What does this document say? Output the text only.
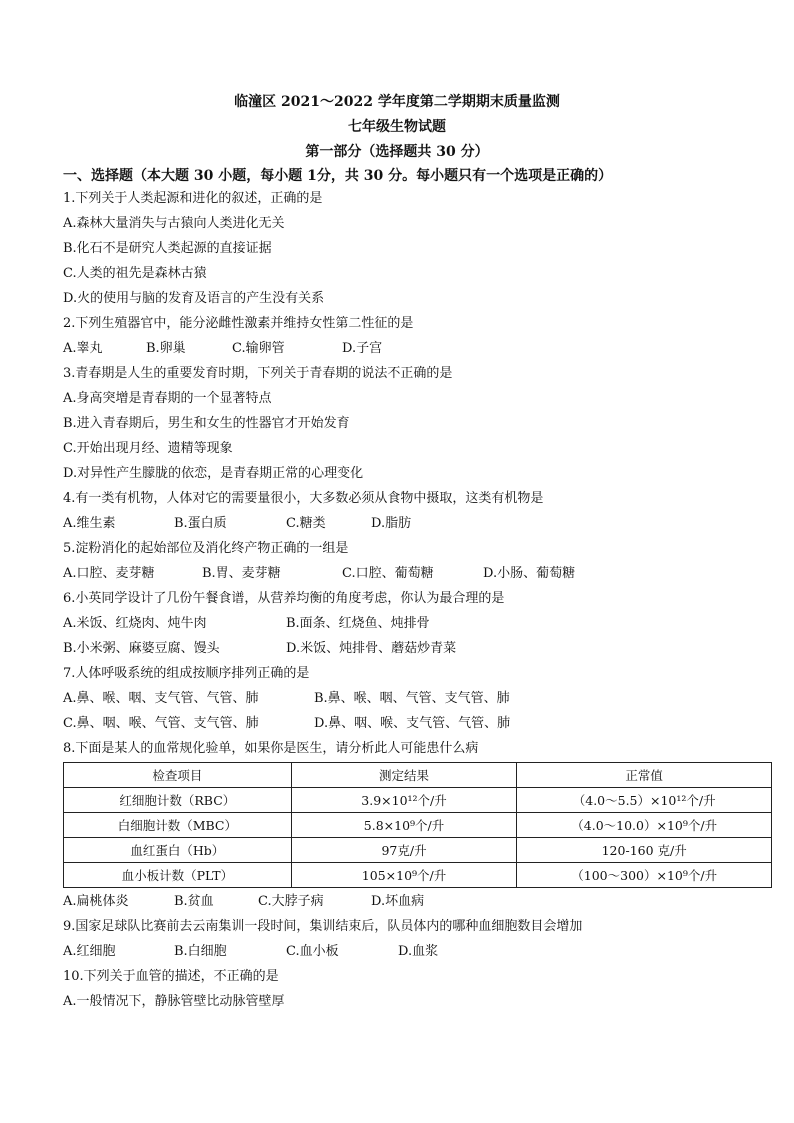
临潼区 2021～2022 学年度第二学期期末质量监测
七年级生物试题
第一部分（选择题共 30 分）
一、选择题（本大题 30 小题，每小题 1分，共 30 分。每小题只有一个选项是正确的）
1.下列关于人类起源和进化的叙述，正确的是
A.森林大量消失与古猿向人类进化无关
B.化石不是研究人类起源的直接证据
C.人类的祖先是森林古猿
D.火的使用与脑的发育及语言的产生没有关系
2.下列生殖器官中，能分泌雌性激素并维持女性第二性征的是
A.睾丸	B.卵巢	C.输卵管	D.子宫
3.青春期是人生的重要发育时期，下列关于青春期的说法不正确的是
A.身高突增是青春期的一个显著特点
B.进入青春期后，男生和女生的性器官才开始发育
C.开始出现月经、遗精等现象
D.对异性产生朦胧的依恋，是青春期正常的心理变化
4.有一类有机物，人体对它的需要量很小，大多数必须从食物中摄取，这类有机物是
A.维生素	B.蛋白质	C.糖类	D.脂肪
5.淀粉消化的起始部位及消化终产物正确的一组是
A.口腔、麦芽糖	B.胃、麦芽糖	C.口腔、葡萄糖	D.小肠、葡萄糖
6.小英同学设计了几份午餐食谱，从营养均衡的角度考虑，你认为最合理的是
A.米饭、红烧肉、炖牛肉	B.面条、红烧鱼、炖排骨
B.小米粥、麻婆豆腐、馒头	D.米饭、炖排骨、蘑菇炒青菜
7.人体呼吸系统的组成按顺序排列正确的是
A.鼻、喉、咽、支气管、气管、肺	B.鼻、喉、咽、气管、支气管、肺
C.鼻、咽、喉、气管、支气管、肺	D.鼻、咽、喉、支气管、气管、肺
8.下面是某人的血常规化验单，如果你是医生，请分析此人可能患什么病
检查项目	测定结果	正常值
红细胞计数（RBC）	3.9×10¹²个/升	（4.0～5.5）×10¹²个/升
白细胞计数（MBC）	5.8×10⁹个/升	（4.0～10.0）×10⁹个/升
血红蛋白（Hb）	97克/升	120-160 克/升
血小板计数（PLT）	105×10⁹个/升	（100～300）×10⁹个/升
A.扁桃体炎	B.贫血	C.大脖子病	D.坏血病
9.国家足球队比赛前去云南集训一段时间，集训结束后，队员体内的哪种血细胞数目会增加
A.红细胞	B.白细胞	C.血小板	D.血浆
10.下列关于血管的描述，不正确的是
A.一般情况下，静脉管壁比动脉管壁厚
